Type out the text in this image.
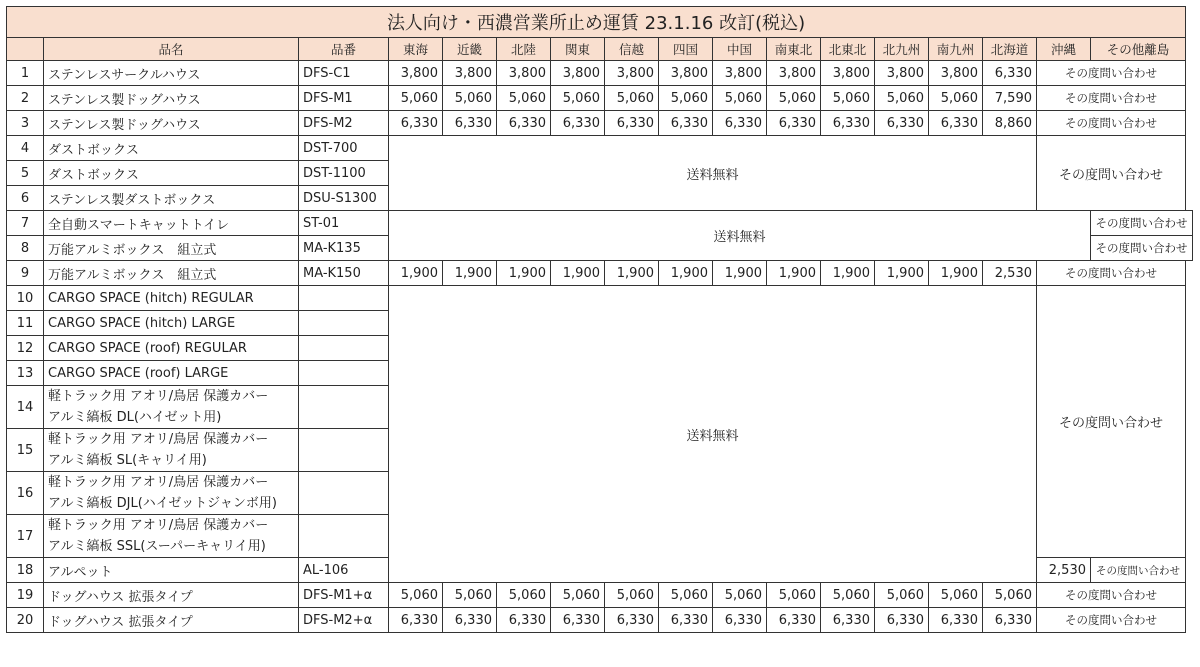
法人向け・西濃営業所止め運賃 23.1.16 改訂(税込)																
	品名	品番	東海	近畿	北陸	関東	信越	四国	中国	南東北	北東北	北九州	南九州	北海道	沖縄	その他離島
1	ステンレスサークルハウス	DFS-C1	3,800	3,800	3,800	3,800	3,800	3,800	3,800	3,800	3,800	3,800	3,800	6,330	その度問い合わせ	
2	ステンレス製ドッグハウス	DFS-M1	5,060	5,060	5,060	5,060	5,060	5,060	5,060	5,060	5,060	5,060	5,060	7,590	その度問い合わせ	
3	ステンレス製ドッグハウス	DFS-M2	6,330	6,330	6,330	6,330	6,330	6,330	6,330	6,330	6,330	6,330	6,330	8,860	その度問い合わせ	
4	ダストボックス	DST-700	送料無料												その度問い合わせ	
5	ダストボックス	DST-1100														
6	ステンレス製ダストボックス	DSU-S1300														
7	全自動スマートキャットトイレ	ST-01	送料無料													その度問い合わせ
8	万能アルミボックス　組立式	MA-K135														その度問い合わせ
9	万能アルミボックス　組立式	MA-K150	1,900	1,900	1,900	1,900	1,900	1,900	1,900	1,900	1,900	1,900	1,900	2,530	その度問い合わせ	
10	CARGO SPACE (hitch) REGULAR		送料無料												その度問い合わせ	
11	CARGO SPACE (hitch) LARGE															
12	CARGO SPACE (roof) REGULAR															
13	CARGO SPACE (roof) LARGE															
14	軽トラック用 アオリ/鳥居 保護カバー
アルミ縞板 DL(ハイゼット用)															

15	軽トラック用 アオリ/鳥居 保護カバー
アルミ縞板 SL(キャリイ用)															

16	軽トラック用 アオリ/鳥居 保護カバー
アルミ縞板 DJL(ハイゼットジャンボ用)															

17	軽トラック用 アオリ/鳥居 保護カバー
アルミ縞板 SSL(スーパーキャリイ用)															

18	アルペット	AL-106													2,530	その度問い合わせ
19	ドッグハウス 拡張タイプ	DFS-M1+α	5,060	5,060	5,060	5,060	5,060	5,060	5,060	5,060	5,060	5,060	5,060	5,060	その度問い合わせ	
20	ドッグハウス 拡張タイプ	DFS-M2+α	6,330	6,330	6,330	6,330	6,330	6,330	6,330	6,330	6,330	6,330	6,330	6,330	その度問い合わせ	
